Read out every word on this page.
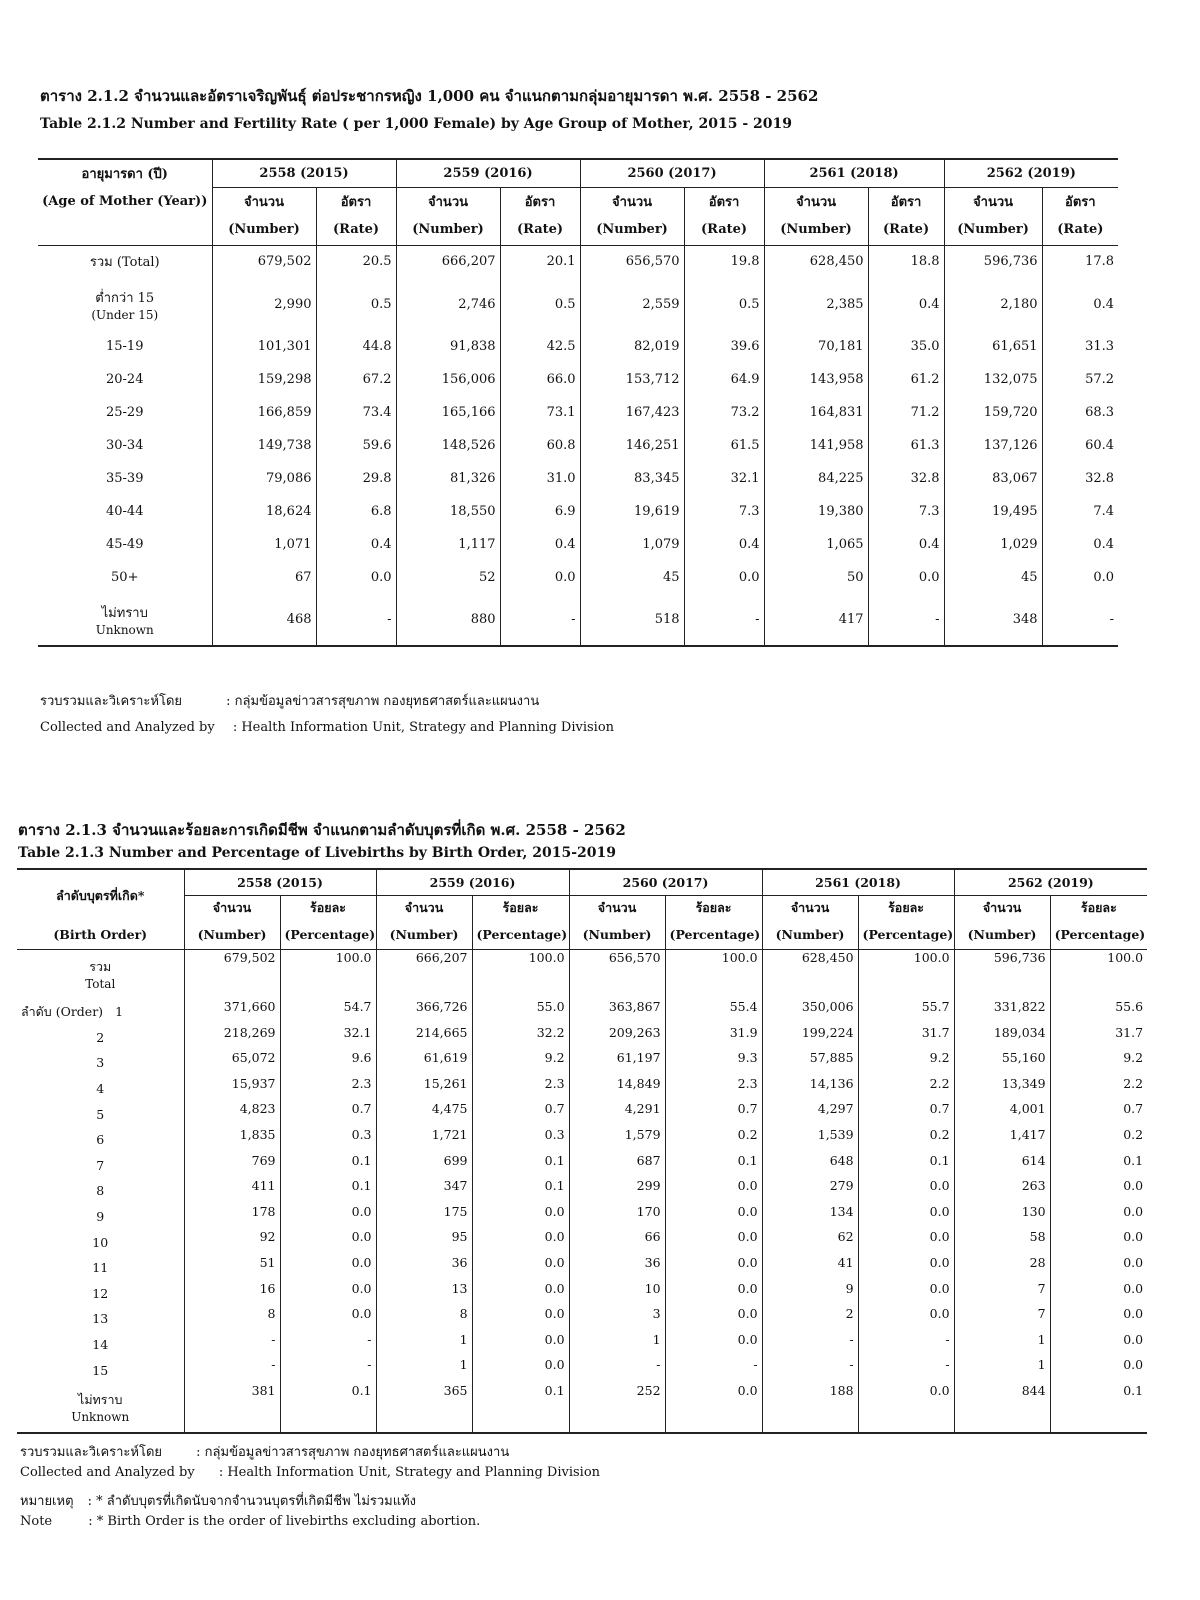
ตาราง 2.1.2 จำนวนและอัตราเจริญพันธุ์ ต่อประชากรหญิง 1,000 คน จำแนกตามกลุ่มอายุมารดา พ.ศ. 2558 - 2562
Table 2.1.2 Number and Fertility Rate ( per 1,000 Female) by Age Group of Mother, 2015 - 2019
อายุมารดา (ปี)	2558 (2015)		2559 (2016)		2560 (2017)		2561 (2018)		2562 (2019)	
(Age of Mother (Year))	จำนวน	อัตรา	จำนวน	อัตรา	จำนวน	อัตรา	จำนวน	อัตรา	จำนวน	อัตรา
	(Number)	(Rate)	(Number)	(Rate)	(Number)	(Rate)	(Number)	(Rate)	(Number)	(Rate)

รวม (Total)	679,502	20.5	666,207	20.1	656,570	19.8	628,450	18.8	596,736	17.8

ต่ำกว่า 15
(Under 15)	2,990	0.5	2,746	0.5	2,559	0.5	2,385	0.4	2,180	0.4

15-19	101,301	44.8	91,838	42.5	82,019	39.6	70,181	35.0	61,651	31.3

20-24	159,298	67.2	156,006	66.0	153,712	64.9	143,958	61.2	132,075	57.2

25-29	166,859	73.4	165,166	73.1	167,423	73.2	164,831	71.2	159,720	68.3

30-34	149,738	59.6	148,526	60.8	146,251	61.5	141,958	61.3	137,126	60.4

35-39	79,086	29.8	81,326	31.0	83,345	32.1	84,225	32.8	83,067	32.8

40-44	18,624	6.8	18,550	6.9	19,619	7.3	19,380	7.3	19,495	7.4

45-49	1,071	0.4	1,117	0.4	1,079	0.4	1,065	0.4	1,029	0.4

50+	67	0.0	52	0.0	45	0.0	50	0.0	45	0.0

ไม่ทราบ
Unknown	468	-	880	-	518	-	417	-	348	-
รวบรวมและวิเคราะห์โดย	: กลุ่มข้อมูลข่าวสารสุขภาพ กองยุทธศาสตร์และแผนงาน
Collected and Analyzed by : Health Information Unit, Strategy and Planning Division
ตาราง 2.1.3 จำนวนและร้อยละการเกิดมีชีพ จำแนกตามลำดับบุตรที่เกิด พ.ศ. 2558 - 2562
Table 2.1.3 Number and Percentage of Livebirths by Birth Order, 2015-2019
ลำดับบุตรที่เกิด*	2558 (2015)		2559 (2016)		2560 (2017)		2561 (2018)		2562 (2019)	
	จำนวน	ร้อยละ	จำนวน	ร้อยละ	จำนวน	ร้อยละ	จำนวน	ร้อยละ	จำนวน	ร้อยละ
(Birth Order)	(Number)	(Percentage)	(Number)	(Percentage)	(Number)	(Percentage)	(Number)	(Percentage)	(Number)	(Percentage)

รวม
Total	679,502	100.0	666,207	100.0	656,570	100.0	628,450	100.0	596,736	100.0
ลำดับ (Order) 1	371,660	54.7	366,726	55.0	363,867	55.4	350,006	55.7	331,822	55.6

2	218,269	32.1	214,665	32.2	209,263	31.9	199,224	31.7	189,034	31.7

3	65,072	9.6	61,619	9.2	61,197	9.3	57,885	9.2	55,160	9.2

4	15,937	2.3	15,261	2.3	14,849	2.3	14,136	2.2	13,349	2.2

5	4,823	0.7	4,475	0.7	4,291	0.7	4,297	0.7	4,001	0.7

6	1,835	0.3	1,721	0.3	1,579	0.2	1,539	0.2	1,417	0.2

7	769	0.1	699	0.1	687	0.1	648	0.1	614	0.1

8	411	0.1	347	0.1	299	0.0	279	0.0	263	0.0

9	178	0.0	175	0.0	170	0.0	134	0.0	130	0.0

10	92	0.0	95	0.0	66	0.0	62	0.0	58	0.0

11	51	0.0	36	0.0	36	0.0	41	0.0	28	0.0

12	16	0.0	13	0.0	10	0.0	9	0.0	7	0.0

13	8	0.0	8	0.0	3	0.0	2	0.0	7	0.0

14	-	-	1	0.0	1	0.0	-	-	1	0.0

15	-	-	1	0.0	-	-	-	-	1	0.0

ไม่ทราบ
Unknown	381	0.1	365	0.1	252	0.0	188	0.0	844	0.1
รวบรวมและวิเคราะห์โดย	: กลุ่มข้อมูลข่าวสารสุขภาพ กองยุทธศาสตร์และแผนงาน
Collected and Analyzed by : Health Information Unit, Strategy and Planning Division
หมายเหตุ : * ลำดับบุตรที่เกิดนับจากจำนวนบุตรที่เกิดมีชีพ ไม่รวมแท้ง
Note	: * Birth Order is the order of livebirths excluding abortion.
